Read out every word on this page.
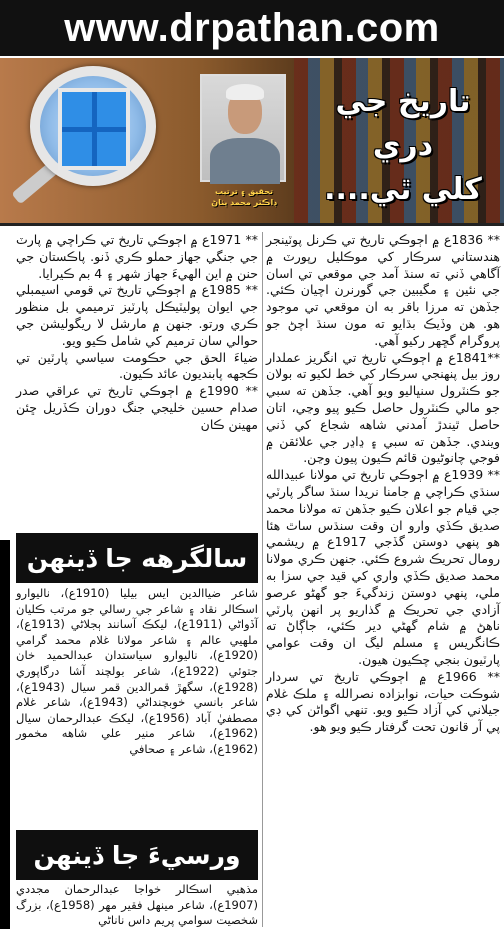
www.drpathan.com
تحقيق ۽ ترتيب
ڊاڪٽر محمد پٺاڻ
تاريخ جي دري
کلي ٿي....

** 1836ع ۾ اڄوڪي تاريخ تي ڪرنل پوٽينجر هندستاني سرڪار کي موڪليل رپورٽ ۾ آگاهي ڏني ته سنڌ آمد جي موقعي تي اسان جي نئين ۽ مگيبين جي گورنرن اچيان ڪئي. جڏهن ته مرزا باقر به ان موقعي تي موجود هو. هن وڏيڪ بڌايو ته مون سنڌ اچڻ جو پروگرام گڇهر رکيو آهي.

**1841ع ۾ اڄوڪي تاريخ تي انگريز عملدار روز بيل پنهنجي سرڪار کي خط لکيو ته بولان جو ڪنٽرول سنڀاليو ويو آهي. جڏهن ته سبي جو مالي ڪنٽرول حاصل ڪيو پيو وڃي، اتان حاصل ٿيندڙ آمدني شاهه شجاع کي ڏني ويندي. جڏهن ته سبي ۽ ڍاڍر جي علائقن ۾ فوجي چانوڻيون قائم ڪيون پيون وڃن.

** 1939ع ۾ اڄوڪي تاريخ تي مولانا عبيدالله سنڌي ڪراچي ۾ جامنا نريدا سنڌ ساگر پارٽي جي قيام جو اعلان ڪيو جڏهن ته مولانا محمد صديق ڪڏي وارو ان وقت سنڌس ساٿ هئا هو پنهي دوستن گڏجي 1917ع ۾ ريشمي رومال تحريڪ شروع ڪئي. جنهن ڪري مولانا محمد صديق ڪڏي واري کي قيد جي سزا به ملي، پنهي دوستن زندگيءَ جو گهڻو عرصو آزادي جي تحريڪ ۾ گذاريو پر انهن پارٽي ناهڻ ۾ شام گهڻي دير ڪئي، جاڳاڻ ته ڪانگريس ۽ مسلم ليگ ان وقت عوامي پارٽيون بنجي چڪيون هيون.

** 1966ع ۾ اڄوڪي تاريخ تي سردار شوڪت حيات، نوابزاده نصرالله ۽ ملڪ غلام جيلاني کي آزاد ڪيو ويو. تنهي اگواڻن کي ڊي پي آر قانون تحت گرفتار ڪيو ويو هو.

** 1971ع ۾ اڄوڪي تاريخ تي ڪراچي ۾ پارٽ جي جنگي جهاز حملو ڪري ڏنو. پاڪستان جي حنن ۾ اين الهيءَ جهاز شهر ۽ 4 بم ڪيرايا.

** 1985ع ۾ اڄوڪي تاريخ تي قومي اسيمبلي جي ايوان پوليٽيڪل پارٽيز ترميمي بل منظور ڪري ورتو. جنهن ۾ مارشل لا ريگوليشن جي حوالي سان ترميم کي شامل ڪيو ويو.

ضياءَ الحق جي حڪومت سياسي پارٽين تي ڪجهه پابنديون عائد ڪيون.

** 1990ع ۾ اڄوڪي تاريخ تي عراقي صدر صدام حسين خليجي جنگ دوران ڪڏريل ڇئن مهينن ڪان

سالگرهه جا ڏينهن
شاعر ضياالدين ايس بيليا (1910ع)، ناليوارو اسڪالر نقاد ۽ شاعر جي رسالي جو مرتب ڪليان آڏواڻي (1911ع)، ليکڪ آسانند ٻجلاڻي (1913ع)، ملهيي عالم ۽ شاعر مولانا غلام محمد گرامي (1920ع)، ناليوارو سياستدان عبدالحميد خان جتوئي (1922ع)، شاعر بولچند آشا درگاپوري (1928ع)، سگهڙ قمرالدين قمر سيال (1943ع)، شاعر بانسي خوبچنداڻي (1943ع)، شاعر غلام مصطفيٰ آباد (1956ع)، ليکڪ عبدالرحمان سيال (1962ع)، شاعر منير علي شاهه مخمور (1962ع)، شاعر ۽ صحافي
ورسيءَ جا ڏينهن
مذهبي اسڪالر خواجا عبدالرحمان مجددي (1907ع)، شاعر مينهل فقير مهر (1958ع)، بزرگ شخصيت سوامي پريم داس ناناڻي
